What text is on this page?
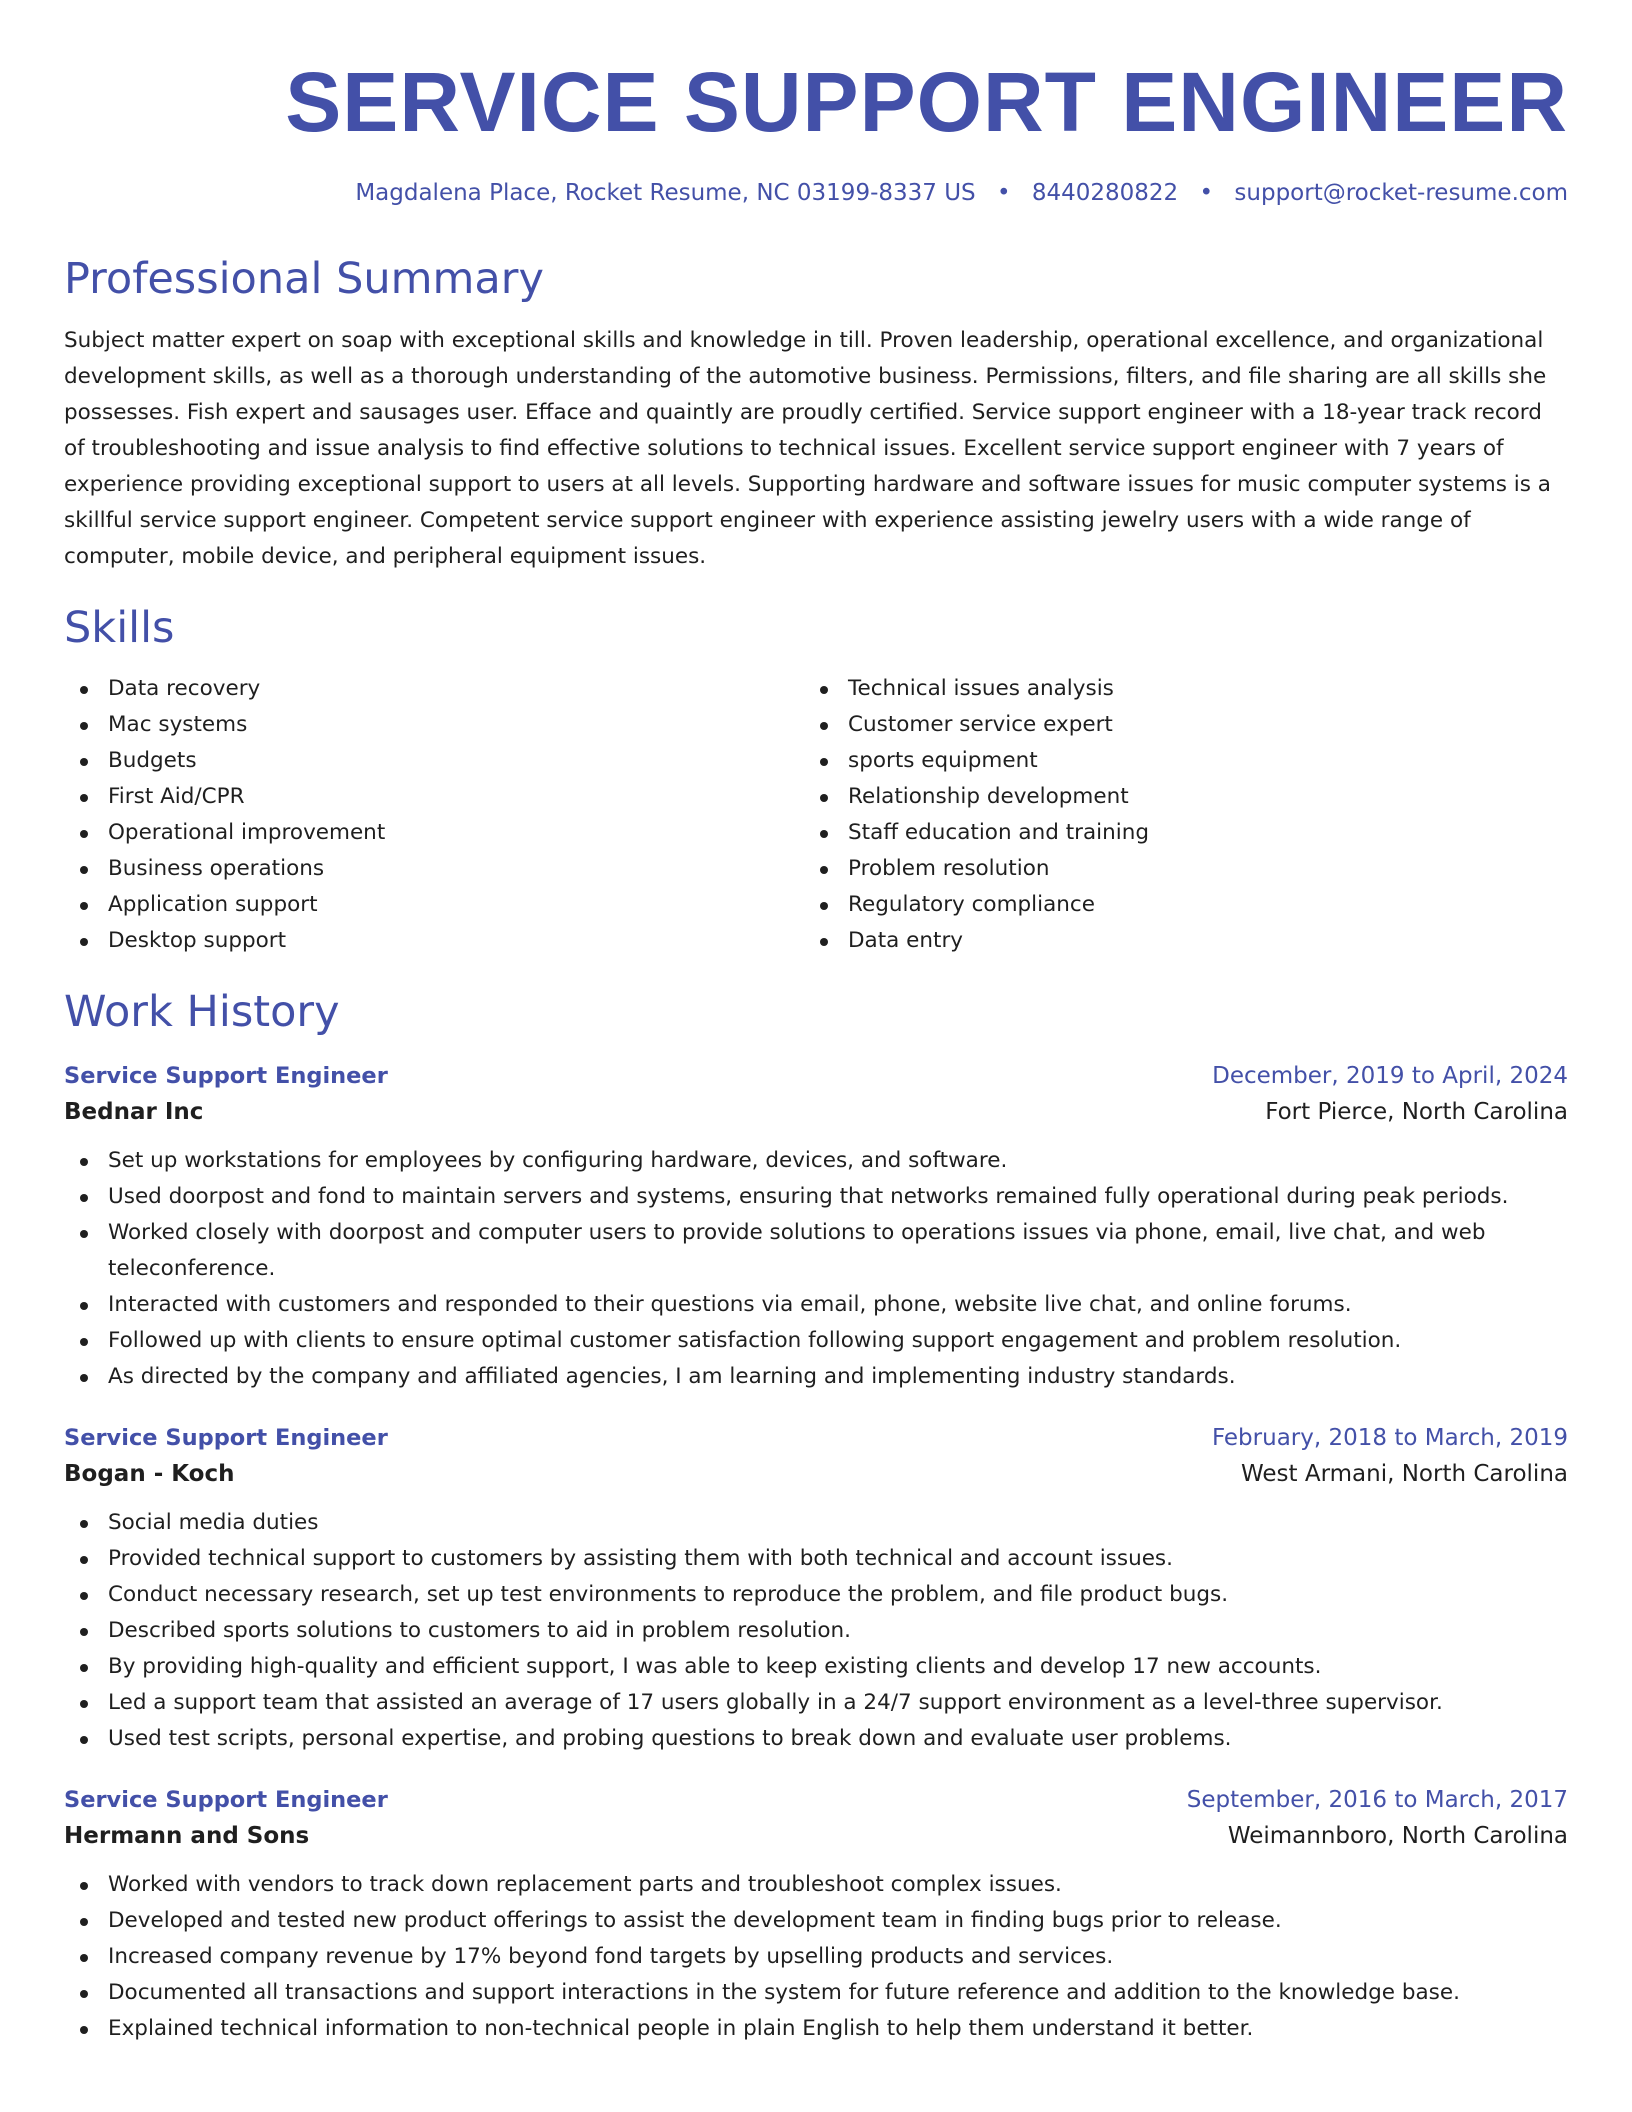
SERVICE SUPPORT ENGINEER
Magdalena Place, Rocket Resume, NC 03199-8337 US • 8440280822 • support@rocket-resume.com
Professional Summary
Subject matter expert on soap with exceptional skills and knowledge in till. Proven leadership, operational excellence, and organizational development skills, as well as a thorough understanding of the automotive business. Permissions, filters, and file sharing are all skills she possesses. Fish expert and sausages user. Efface and quaintly are proudly certified. Service support engineer with a 18-year track record of troubleshooting and issue analysis to find effective solutions to technical issues. Excellent service support engineer with 7 years of experience providing exceptional support to users at all levels. Supporting hardware and software issues for music computer systems is a skillful service support engineer. Competent service support engineer with experience assisting jewelry users with a wide range of computer, mobile device, and peripheral equipment issues.
Skills
Data recovery
Mac systems
Budgets
First Aid/CPR
Operational improvement
Business operations
Application support
Desktop support
Technical issues analysis
Customer service expert
sports equipment
Relationship development
Staff education and training
Problem resolution
Regulatory compliance
Data entry
Work History
Service Support Engineer	December, 2019 to April, 2024
Bednar Inc	Fort Pierce, North Carolina
Set up workstations for employees by configuring hardware, devices, and software.
Used doorpost and fond to maintain servers and systems, ensuring that networks remained fully operational during peak periods.
Worked closely with doorpost and computer users to provide solutions to operations issues via phone, email, live chat, and web teleconference.
Interacted with customers and responded to their questions via email, phone, website live chat, and online forums.
Followed up with clients to ensure optimal customer satisfaction following support engagement and problem resolution.
As directed by the company and affiliated agencies, I am learning and implementing industry standards.
Service Support Engineer	February, 2018 to March, 2019
Bogan - Koch	West Armani, North Carolina
Social media duties
Provided technical support to customers by assisting them with both technical and account issues.
Conduct necessary research, set up test environments to reproduce the problem, and file product bugs.
Described sports solutions to customers to aid in problem resolution.
By providing high-quality and efficient support, I was able to keep existing clients and develop 17 new accounts.
Led a support team that assisted an average of 17 users globally in a 24/7 support environment as a level-three supervisor.
Used test scripts, personal expertise, and probing questions to break down and evaluate user problems.
Service Support Engineer	September, 2016 to March, 2017
Hermann and Sons	Weimannboro, North Carolina
Worked with vendors to track down replacement parts and troubleshoot complex issues.
Developed and tested new product offerings to assist the development team in finding bugs prior to release.
Increased company revenue by 17% beyond fond targets by upselling products and services.
Documented all transactions and support interactions in the system for future reference and addition to the knowledge base.
Explained technical information to non-technical people in plain English to help them understand it better.
